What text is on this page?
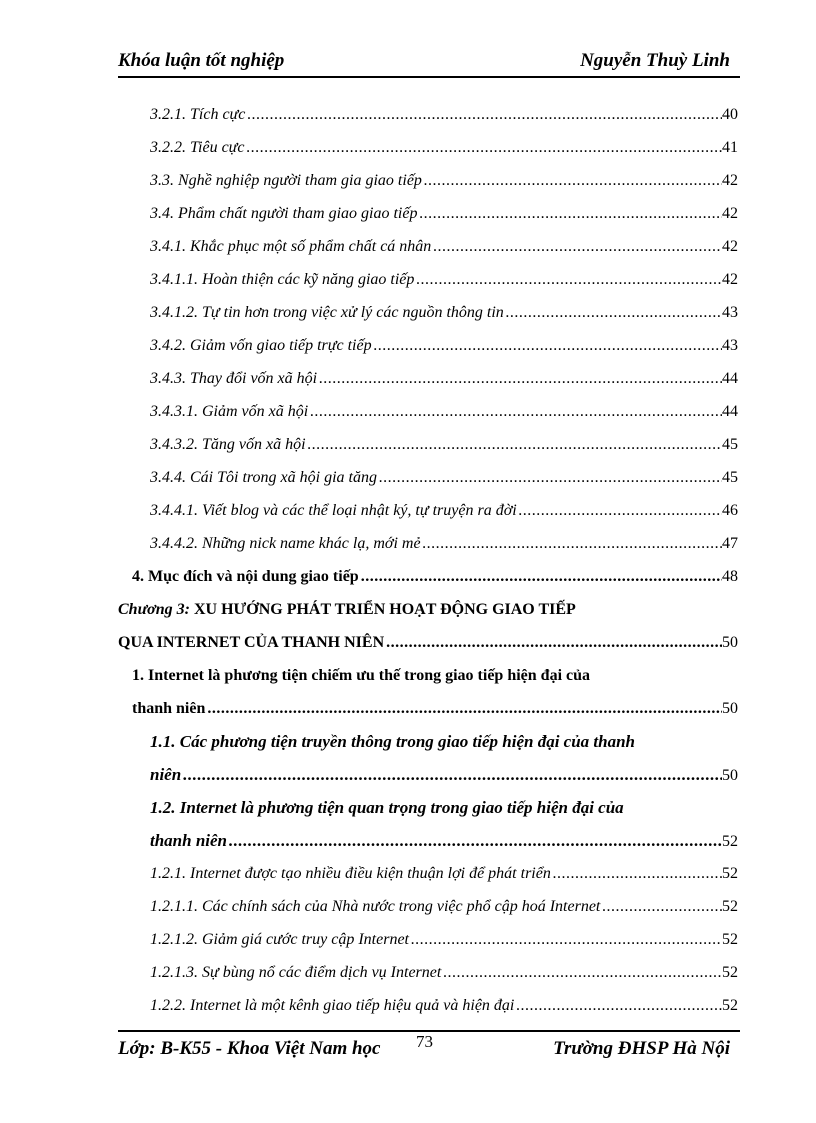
Khóa luận tốt nghiệp	Nguyễn Thuỳ Linh
3.2.1. Tích cực .....	40
3.2.2. Tiêu cực .....	41
3.3. Nghề nghiệp người tham gia giao tiếp .....	42
3.4. Phẩm chất người tham giao giao tiếp .....	42
3.4.1. Khắc phục một số phẩm chất cá nhân .....	42
3.4.1.1. Hoàn thiện các kỹ năng giao tiếp .....	42
3.4.1.2. Tự tin hơn trong việc xử lý các nguồn thông tin .....	43
3.4.2. Giảm vốn giao tiếp trực tiếp .....	43
3.4.3. Thay đổi vốn xã hội .....	44
3.4.3.1. Giảm vốn xã hội .....	44
3.4.3.2. Tăng vốn xã hội .....	45
3.4.4. Cái Tôi trong xã hội gia tăng .....	45
3.4.4.1. Viết blog và các thể loại nhật ký, tự truyện ra đời .....	46
3.4.4.2. Những nick name khác lạ, mới mẻ .....	47
4. Mục đích và nội dung giao tiếp .....	48
Chương 3: XU HƯỚNG PHÁT TRIỂN HOẠT ĐỘNG GIAO TIẾP
QUA INTERNET CỦA THANH NIÊN .....	50
1. Internet là phương tiện chiếm ưu thế trong giao tiếp hiện đại của
thanh niên .....	50
1.1. Các phương tiện truyền thông trong giao tiếp hiện đại của thanh
niên .....	50
1.2. Internet là phương tiện quan trọng trong giao tiếp hiện đại của
thanh niên .....	52
1.2.1. Internet được tạo nhiều điều kiện thuận lợi để phát triển .....	52
1.2.1.1. Các chính sách của Nhà nước trong việc phổ cập hoá Internet .....	52
1.2.1.2. Giảm giá cước truy cập Internet .....	52
1.2.1.3. Sự bùng nổ các điểm dịch vụ Internet .....	52
1.2.2. Internet là một kênh giao tiếp hiệu quả và hiện đại .....	52
Lớp: B-K55 - Khoa Việt Nam học 73	Trường ĐHSP Hà Nội
